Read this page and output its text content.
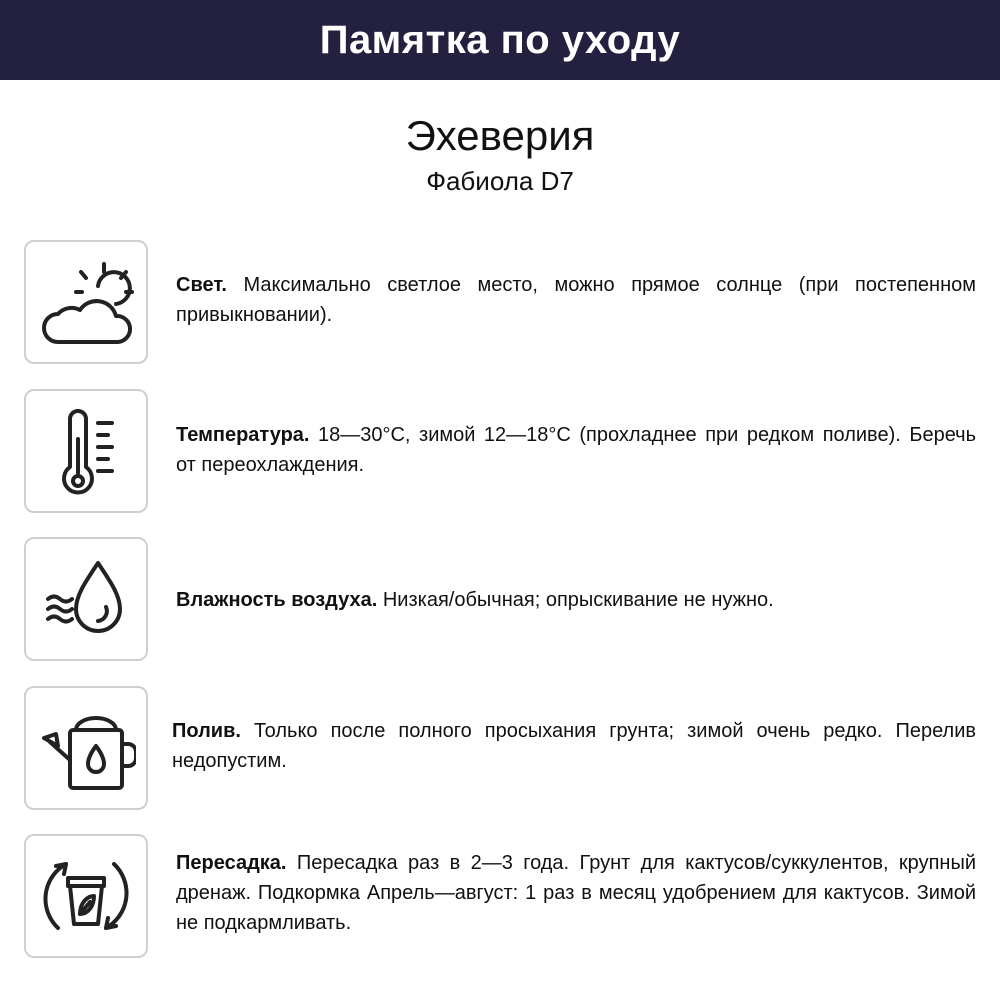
Памятка по уходу
Эхеверия
Фабиола D7
Свет. Максимально светлое место, можно прямое солнце (при постепенном привыкновании).
Температура. 18—30°C, зимой 12—18°C (прохладнее при редком поливе). Беречь от переохлаждения.
Влажность воздуха. Низкая/обычная; опрыскивание не нужно.
Полив. Только после полного просыхания грунта; зимой очень редко. Перелив недопустим.
Пересадка. Пересадка раз в 2—3 года. Грунт для кактусов/суккулентов, крупный дренаж. Подкормка Апрель—август: 1 раз в месяц удобрением для кактусов. Зимой не подкармливать.
